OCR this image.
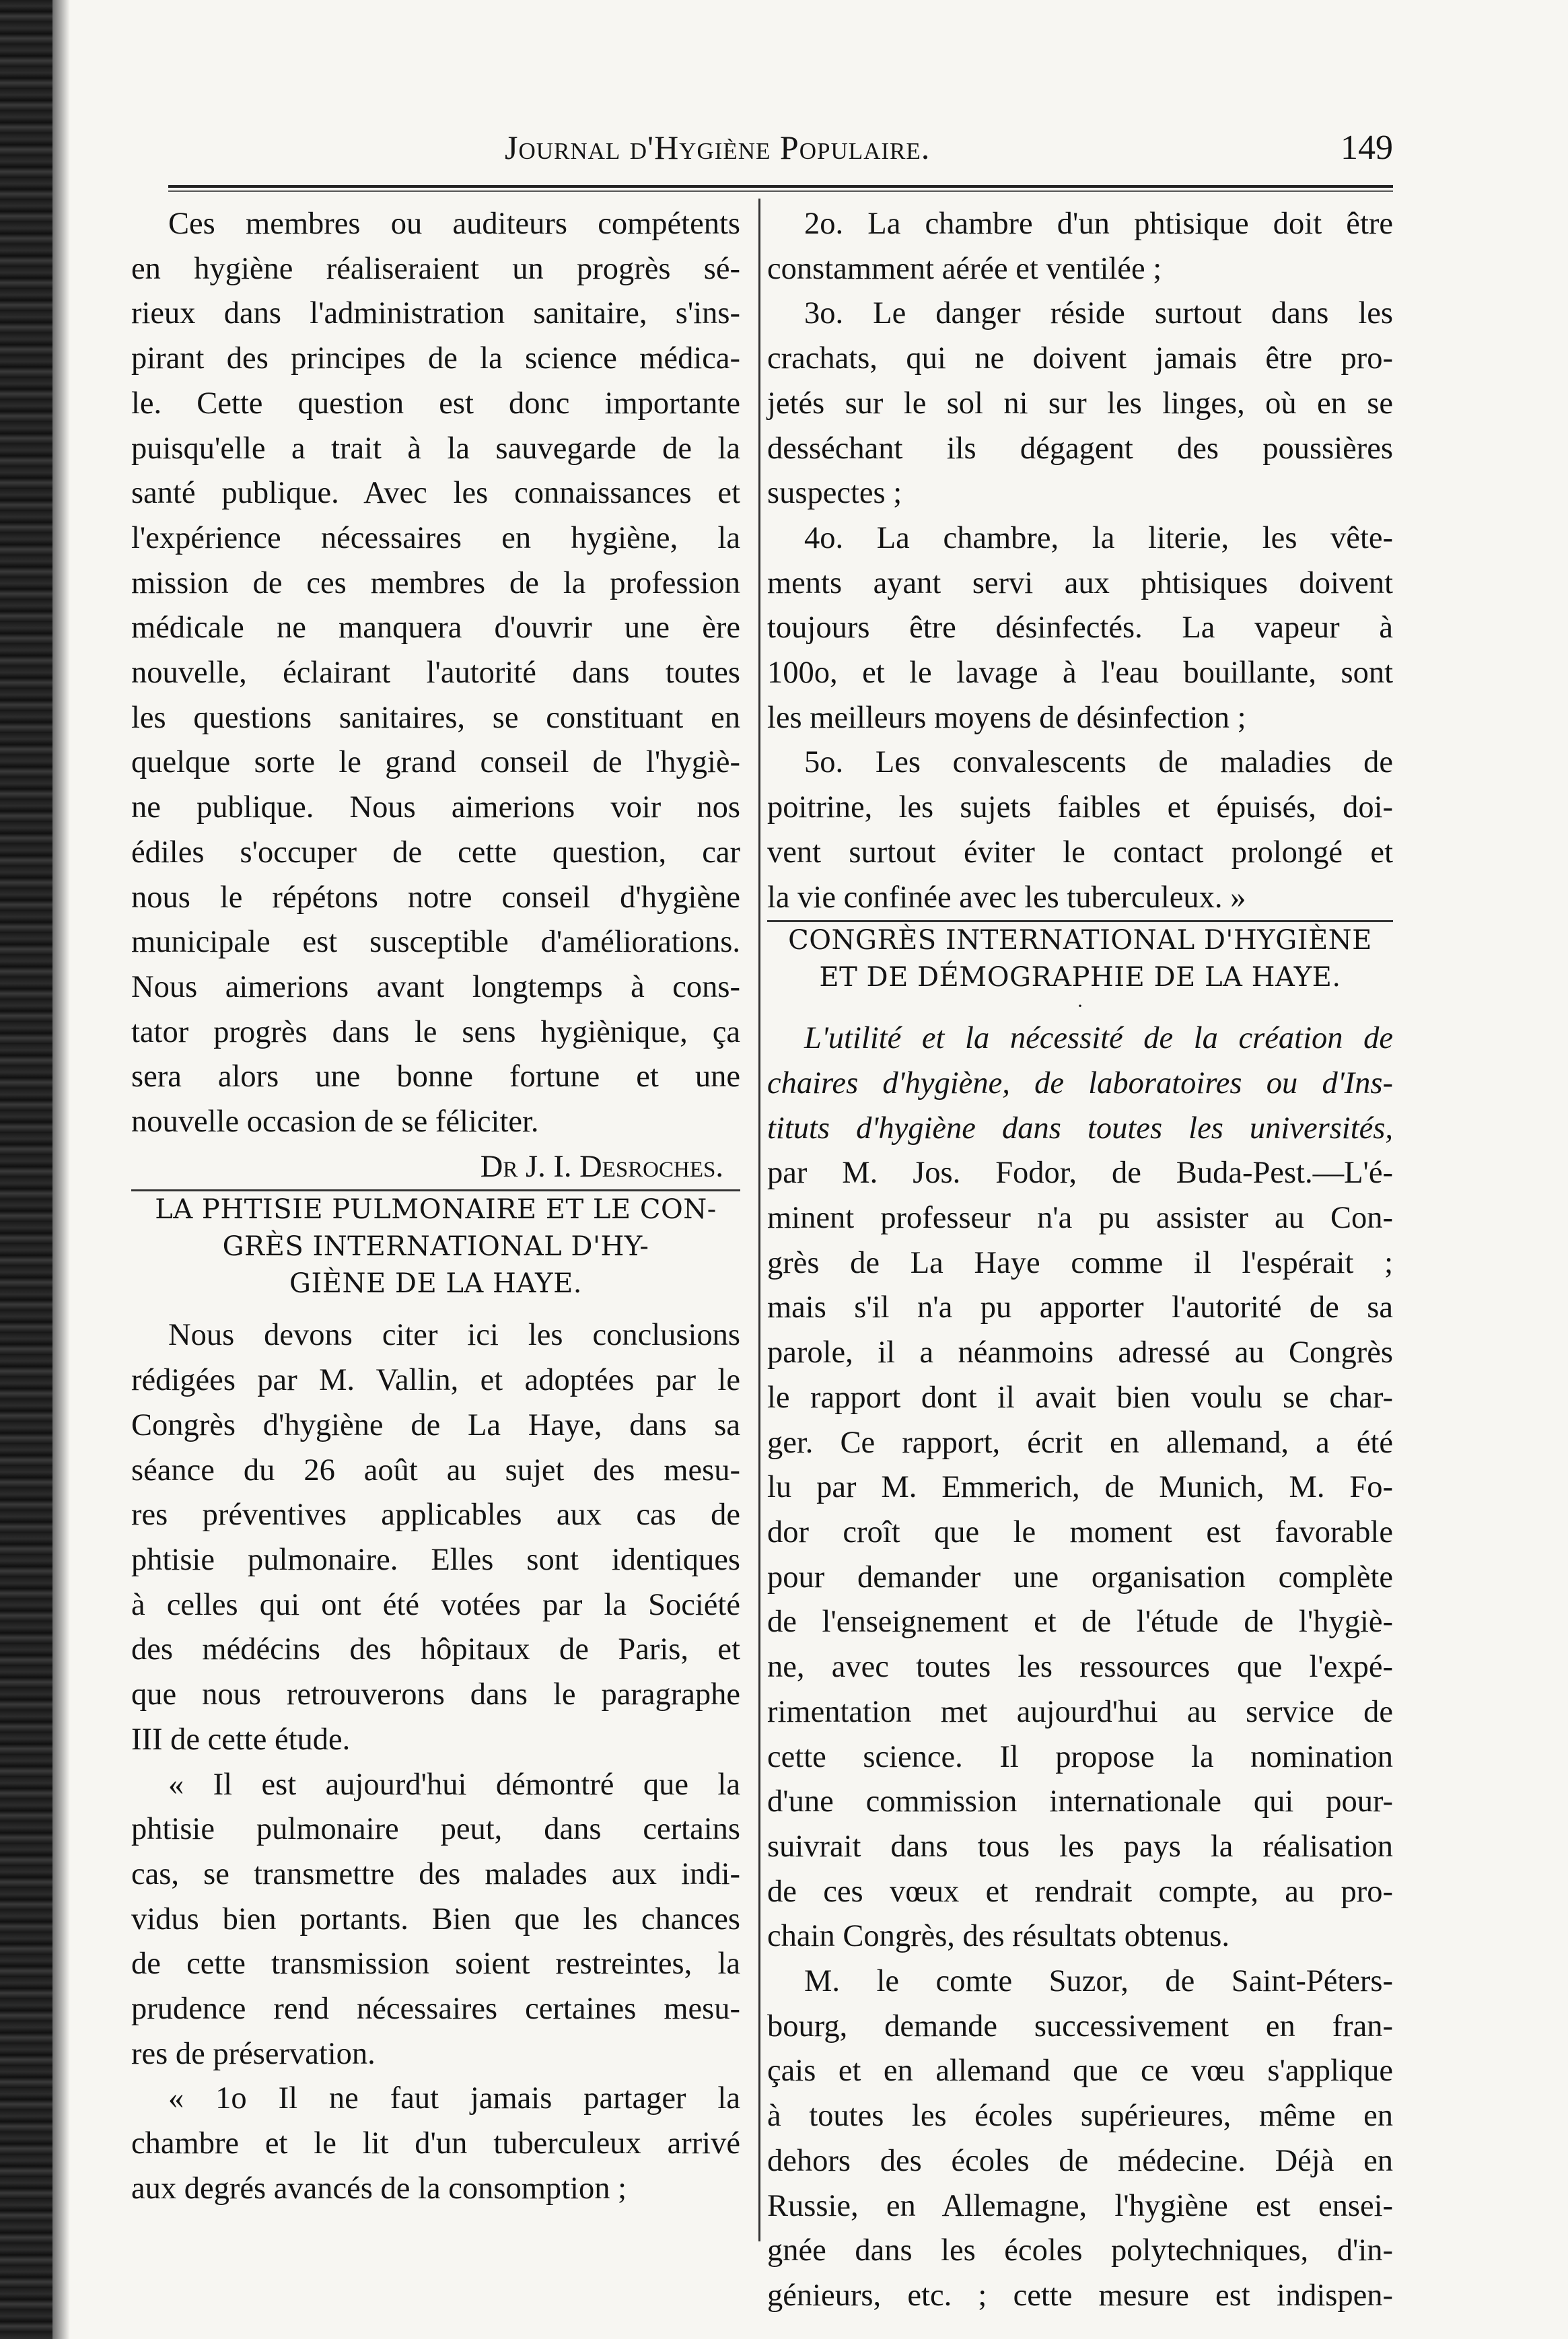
Journal d'Hygiène Populaire.	149
Ces membres ou auditeurs compétents
en hygiène réaliseraient un progrès sé-
rieux dans l'administration sanitaire, s'ins-
pirant des principes de la science médica-
le. Cette question est donc importante
puisqu'elle a trait à la sauvegarde de la
santé publique. Avec les connaissances et
l'expérience nécessaires en hygiène, la
mission de ces membres de la profession
médicale ne manquera d'ouvrir une ère
nouvelle, éclairant l'autorité dans toutes
les questions sanitaires, se constituant en
quelque sorte le grand conseil de l'hygiè-
ne publique. Nous aimerions voir nos
édiles s'occuper de cette question, car
nous le répétons notre conseil d'hygiène
municipale est susceptible d'améliorations.
Nous aimerions avant longtemps à cons-
tator progrès dans le sens hygiènique, ça
sera alors une bonne fortune et une
nouvelle occasion de se féliciter.
Dr J. I. Desroches.
LA PHTISIE PULMONAIRE ET LE CON-
GRÈS INTERNATIONAL D'HY-
GIÈNE DE LA HAYE.
Nous devons citer ici les conclusions
rédigées par M. Vallin, et adoptées par le
Congrès d'hygiène de La Haye, dans sa
séance du 26 août au sujet des mesu-
res préventives applicables aux cas de
phtisie pulmonaire. Elles sont identiques
à celles qui ont été votées par la Société
des médécins des hôpitaux de Paris, et
que nous retrouverons dans le paragraphe
III de cette étude.
« Il est aujourd'hui démontré que la
phtisie pulmonaire peut, dans certains
cas, se transmettre des malades aux indi-
vidus bien portants. Bien que les chances
de cette transmission soient restreintes, la
prudence rend nécessaires certaines mesu-
res de préservation.
« 1o Il ne faut jamais partager la
chambre et le lit d'un tuberculeux arrivé
aux degrés avancés de la consomption ;
2o. La chambre d'un phtisique doit être
constamment aérée et ventilée ;
3o. Le danger réside surtout dans les
crachats, qui ne doivent jamais être pro-
jetés sur le sol ni sur les linges, où en se
desséchant ils dégagent des poussières
suspectes ;
4o. La chambre, la literie, les vête-
ments ayant servi aux phtisiques doivent
toujours être désinfectés. La vapeur à
100o, et le lavage à l'eau bouillante, sont
les meilleurs moyens de désinfection ;
5o. Les convalescents de maladies de
poitrine, les sujets faibles et épuisés, doi-
vent surtout éviter le contact prolongé et
la vie confinée avec les tuberculeux. »
CONGRÈS INTERNATIONAL D'HYGIÈNE
ET DE DÉMOGRAPHIE DE LA HAYE.
·
L'utilité et la nécessité de la création de
chaires d'hygiène, de laboratoires ou d'Ins-
tituts d'hygiène dans toutes les universités,
par M. Jos. Fodor, de Buda-Pest.—L'é-
minent professeur n'a pu assister au Con-
grès de La Haye comme il l'espérait ;
mais s'il n'a pu apporter l'autorité de sa
parole, il a néanmoins adressé au Congrès
le rapport dont il avait bien voulu se char-
ger. Ce rapport, écrit en allemand, a été
lu par M. Emmerich, de Munich, M. Fo-
dor croît que le moment est favorable
pour demander une organisation complète
de l'enseignement et de l'étude de l'hygiè-
ne, avec toutes les ressources que l'expé-
rimentation met aujourd'hui au service de
cette science. Il propose la nomination
d'une commission internationale qui pour-
suivrait dans tous les pays la réalisation
de ces vœux et rendrait compte, au pro-
chain Congrès, des résultats obtenus.
M. le comte Suzor, de Saint-Péters-
bourg, demande successivement en fran-
çais et en allemand que ce vœu s'applique
à toutes les écoles supérieures, même en
dehors des écoles de médecine. Déjà en
Russie, en Allemagne, l'hygiène est ensei-
gnée dans les écoles polytechniques, d'in-
génieurs, etc. ; cette mesure est indispen-
